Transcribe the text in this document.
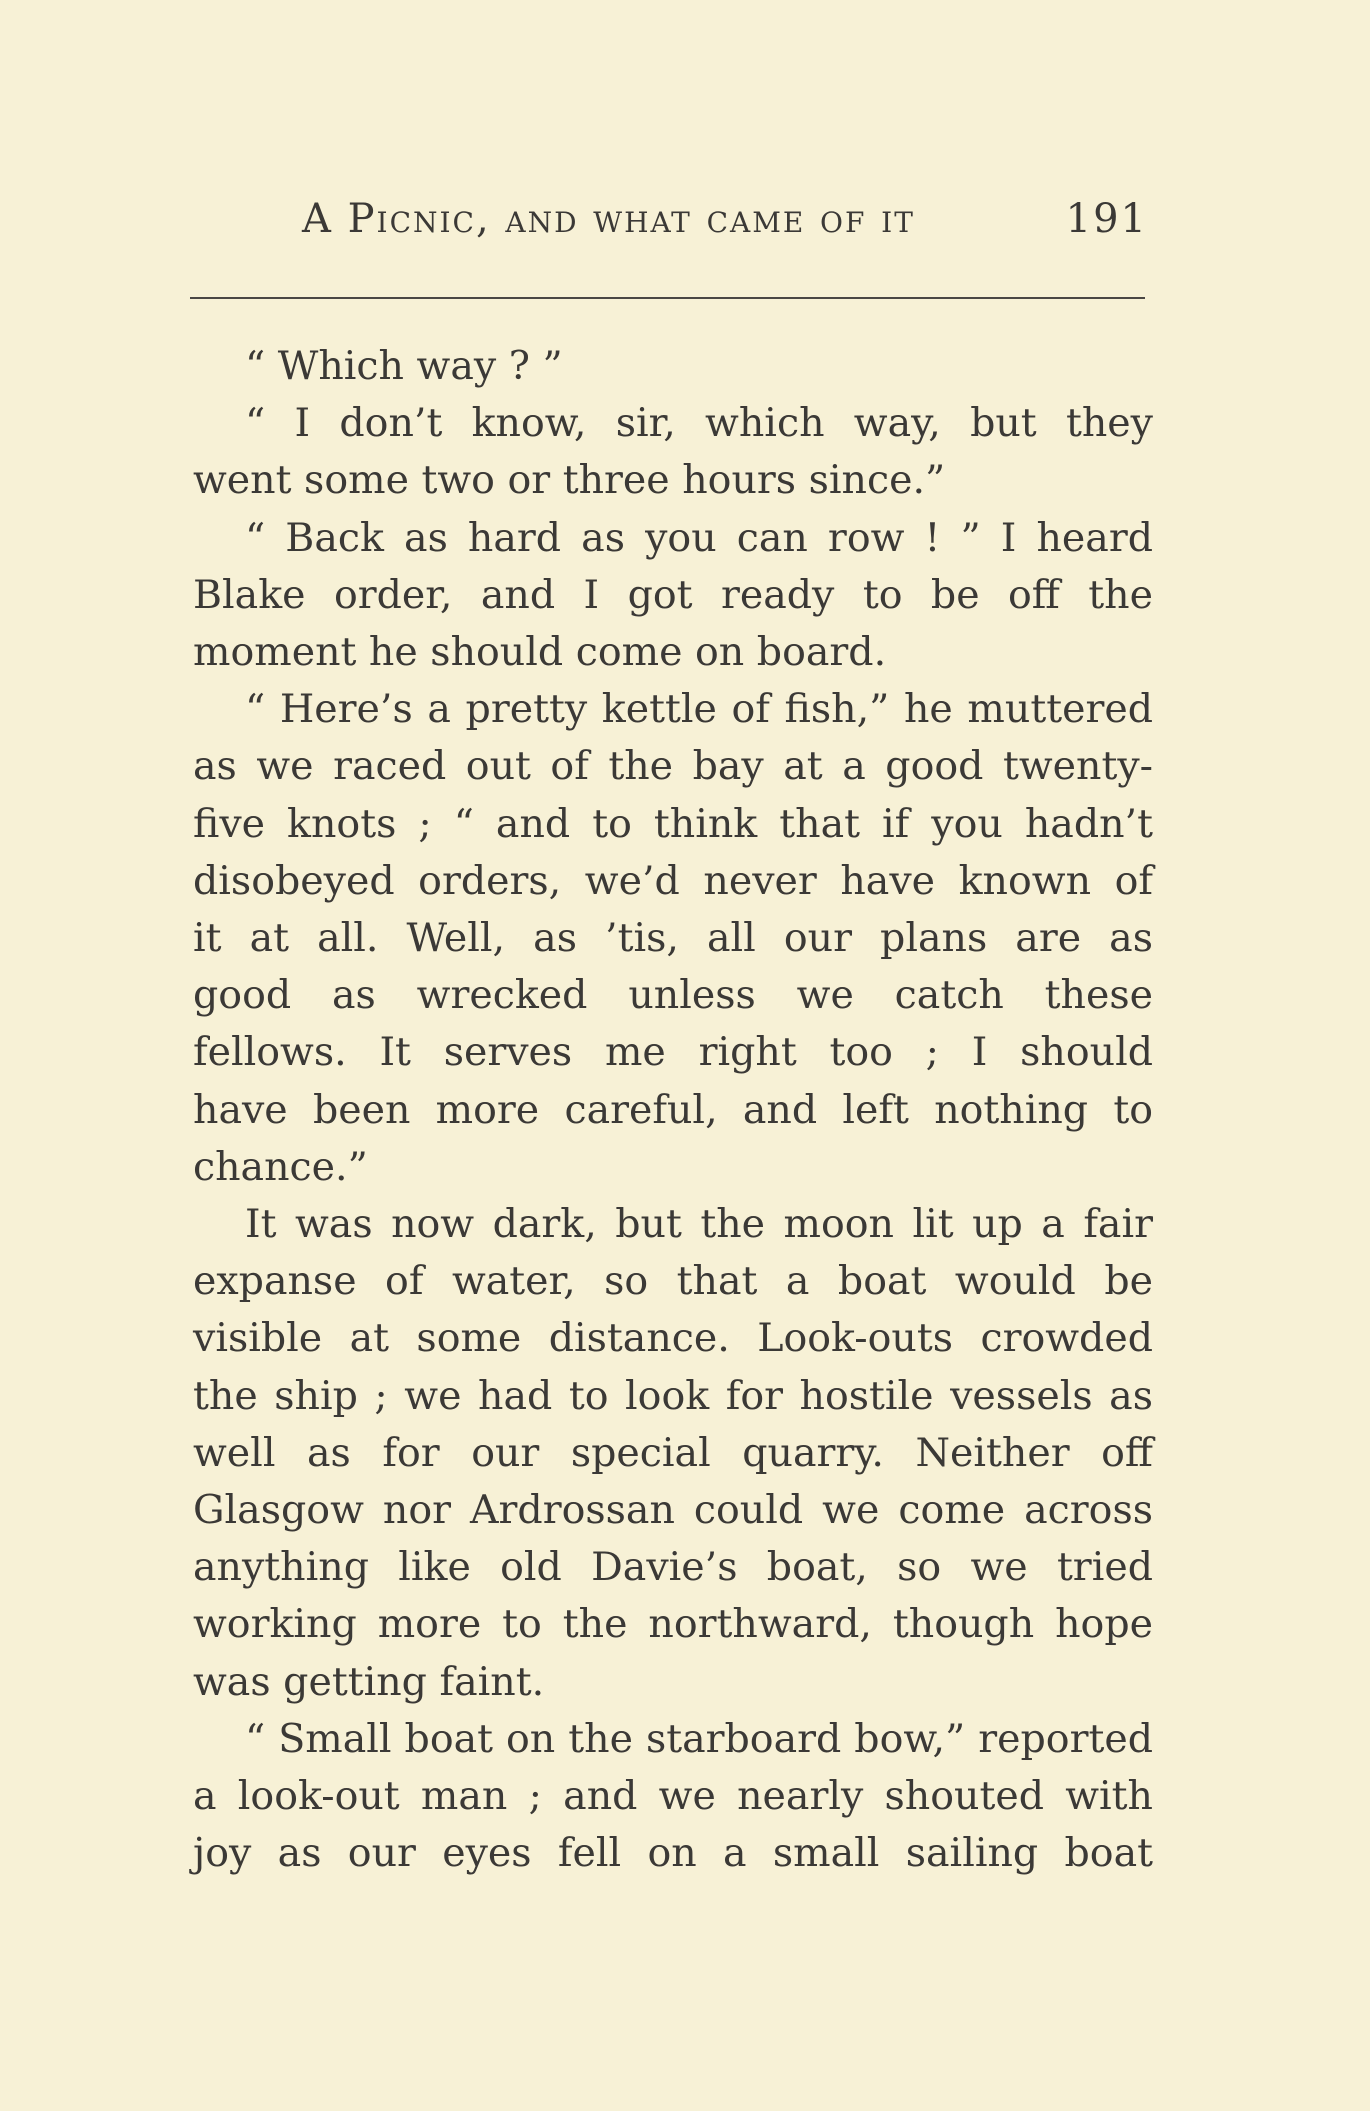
A Picnic, and what came of it	191
“ Which way ? ”
“ I don’t know, sir, which way, but they
went some two or three hours since.”
“ Back as hard as you can row ! ” I heard
Blake order, and I got ready to be off the
moment he should come on board.
“ Here’s a pretty kettle of fish,” he muttered
as we raced out of the bay at a good twenty-
five knots ; “ and to think that if you hadn’t
disobeyed orders, we’d never have known of
it at all. Well, as ’tis, all our plans are as
good as wrecked unless we catch these
fellows. It serves me right too ; I should
have been more careful, and left nothing to
chance.”
It was now dark, but the moon lit up a fair
expanse of water, so that a boat would be
visible at some distance. Look-outs crowded
the ship ; we had to look for hostile vessels as
well as for our special quarry. Neither off
Glasgow nor Ardrossan could we come across
anything like old Davie’s boat, so we tried
working more to the northward, though hope
was getting faint.
“ Small boat on the starboard bow,” reported
a look-out man ; and we nearly shouted with
joy as our eyes fell on a small sailing boat
